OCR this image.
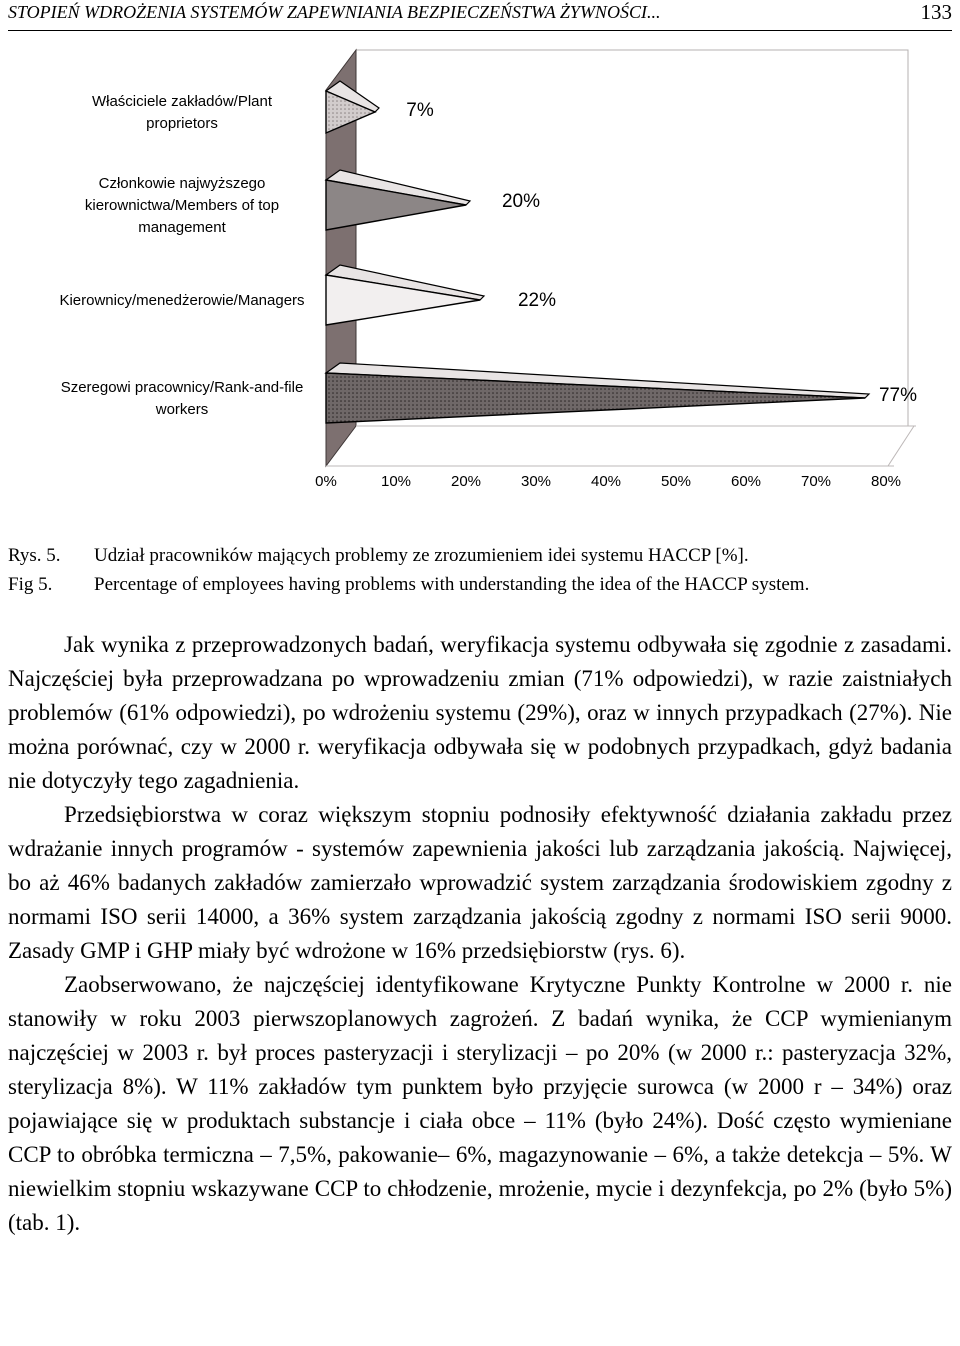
STOPIEŃ WDROŻENIA SYSTEMÓW ZAPEWNIANIA BEZPIECZEŃSTWA ŻYWNOŚCI...	133
Właściciele zakładów/Plant proprietors
Członkowie najwyższego kierownictwa/Members of top management
Kierownicy/menedżerowie/Managers
Szeregowi pracownicy/Rank-and-file workers
7%
20%
22%
77%
0%	10%	20%	30%	40%	50%	60%	70%	80%
Rys. 5. Udział pracowników mających problemy ze zrozumieniem idei systemu HACCP [%].
Fig 5. Percentage of employees having problems with understanding the idea of the HACCP system.

Jak wynika z przeprowadzonych badań, weryfikacja systemu odbywała się zgodnie z zasadami. Najczęściej była przeprowadzana po wprowadzeniu zmian (71% odpowiedzi), w razie zaistniałych problemów (61% odpowiedzi), po wdrożeniu systemu (29%), oraz w innych przypadkach (27%). Nie można porównać, czy w 2000 r. weryfikacja odbywała się w podobnych przypadkach, gdyż badania nie dotyczyły tego zagadnienia.

Przedsiębiorstwa w coraz większym stopniu podnosiły efektywność działania zakładu przez wdrażanie innych programów - systemów zapewnienia jakości lub zarządzania jakością. Najwięcej, bo aż 46% badanych zakładów zamierzało wprowadzić system zarządzania środowiskiem zgodny z normami ISO serii 14000, a 36% system zarządzania jakością zgodny z normami ISO serii 9000. Zasady GMP i GHP miały być wdrożone w 16% przedsiębiorstw (rys. 6).

Zaobserwowano, że najczęściej identyfikowane Krytyczne Punkty Kontrolne w 2000 r. nie stanowiły w roku 2003 pierwszoplanowych zagrożeń. Z badań wynika, że CCP wymienianym najczęściej w 2003 r. był proces pasteryzacji i sterylizacji – po 20% (w 2000 r.: pasteryzacja 32%, sterylizacja 8%). W 11% zakładów tym punktem było przyjęcie surowca (w 2000 r – 34%) oraz pojawiające się w produktach substancje i ciała obce – 11% (było 24%). Dość często wymieniane CCP to obróbka termiczna – 7,5%, pakowanie– 6%, magazynowanie – 6%, a także detekcja – 5%. W niewielkim stopniu wskazywane CCP to chłodzenie, mrożenie, mycie i dezynfekcja, po 2% (było 5%) (tab. 1).
